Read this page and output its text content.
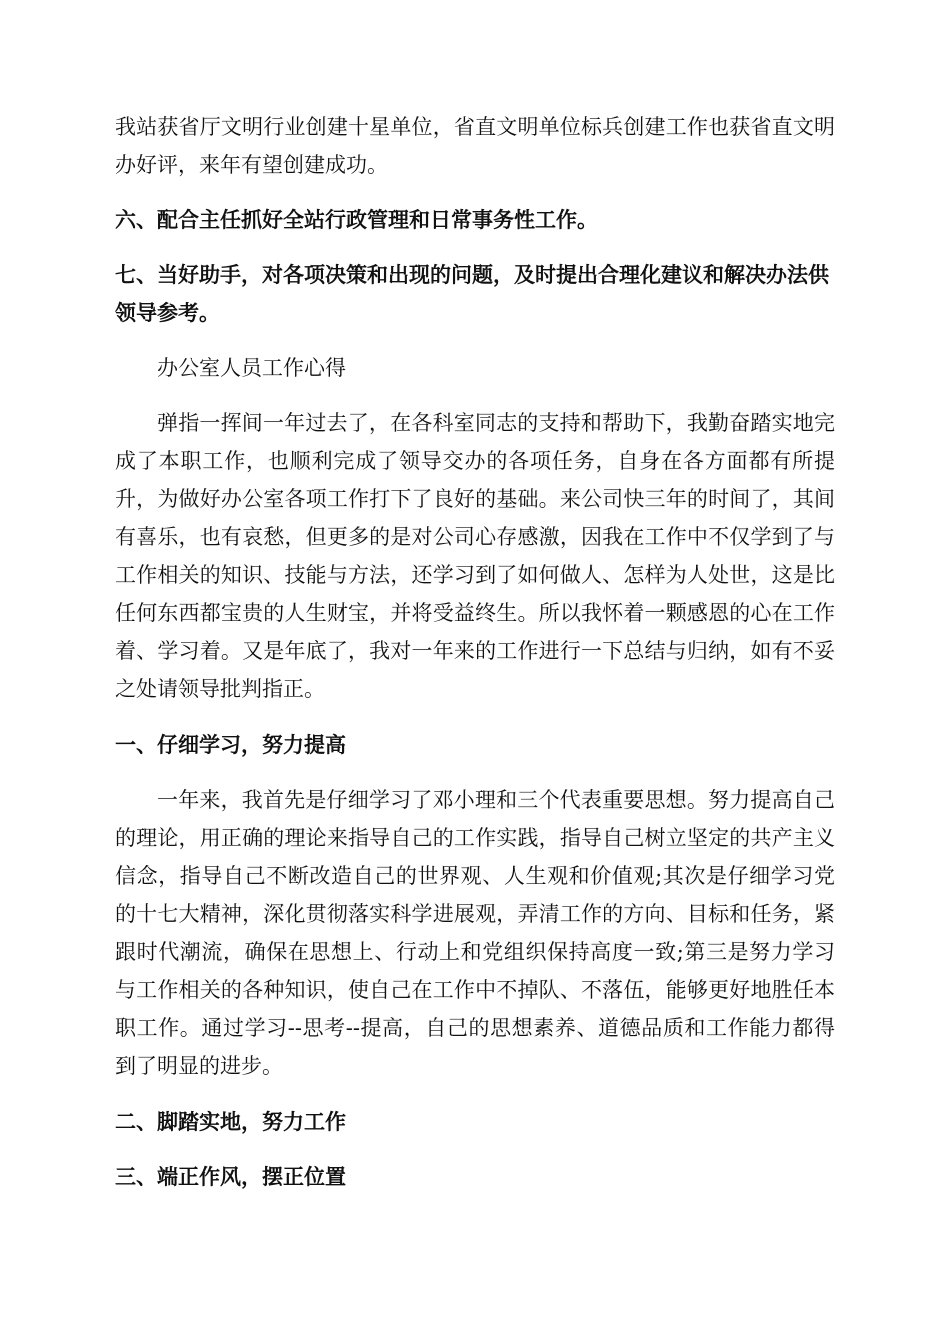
我站获省厅文明行业创建十星单位，省直文明单位标兵创建工作也获省直文明办好评，来年有望创建成功。

六、配合主任抓好全站行政管理和日常事务性工作。
七、当好助手，对各项决策和出现的问题，及时提出合理化建议和解决办法供领导参考。

办公室人员工作心得

弹指一挥间一年过去了，在各科室同志的支持和帮助下，我勤奋踏实地完成了本职工作，也顺利完成了领导交办的各项任务，自身在各方面都有所提升，为做好办公室各项工作打下了良好的基础。来公司快三年的时间了，其间有喜乐，也有哀愁，但更多的是对公司心存感激，因我在工作中不仅学到了与工作相关的知识、技能与方法，还学习到了如何做人、怎样为人处世，这是比任何东西都宝贵的人生财宝，并将受益终生。所以我怀着一颗感恩的心在工作着、学习着。又是年底了，我对一年来的工作进行一下总结与归纳，如有不妥之处请领导批判指正。

一、仔细学习，努力提高

一年来，我首先是仔细学习了邓小理和三个代表重要思想。努力提高自己的理论，用正确的理论来指导自己的工作实践，指导自己树立坚定的共产主义信念，指导自己不断改造自己的世界观、人生观和价值观;其次是仔细学习党的十七大精神，深化贯彻落实科学进展观，弄清工作的方向、目标和任务，紧跟时代潮流，确保在思想上、行动上和党组织保持高度一致;第三是努力学习与工作相关的各种知识，使自己在工作中不掉队、不落伍，能够更好地胜任本职工作。通过学习--思考--提高，自己的思想素养、道德品质和工作能力都得到了明显的进步。

二、脚踏实地，努力工作
三、端正作风，摆正位置
